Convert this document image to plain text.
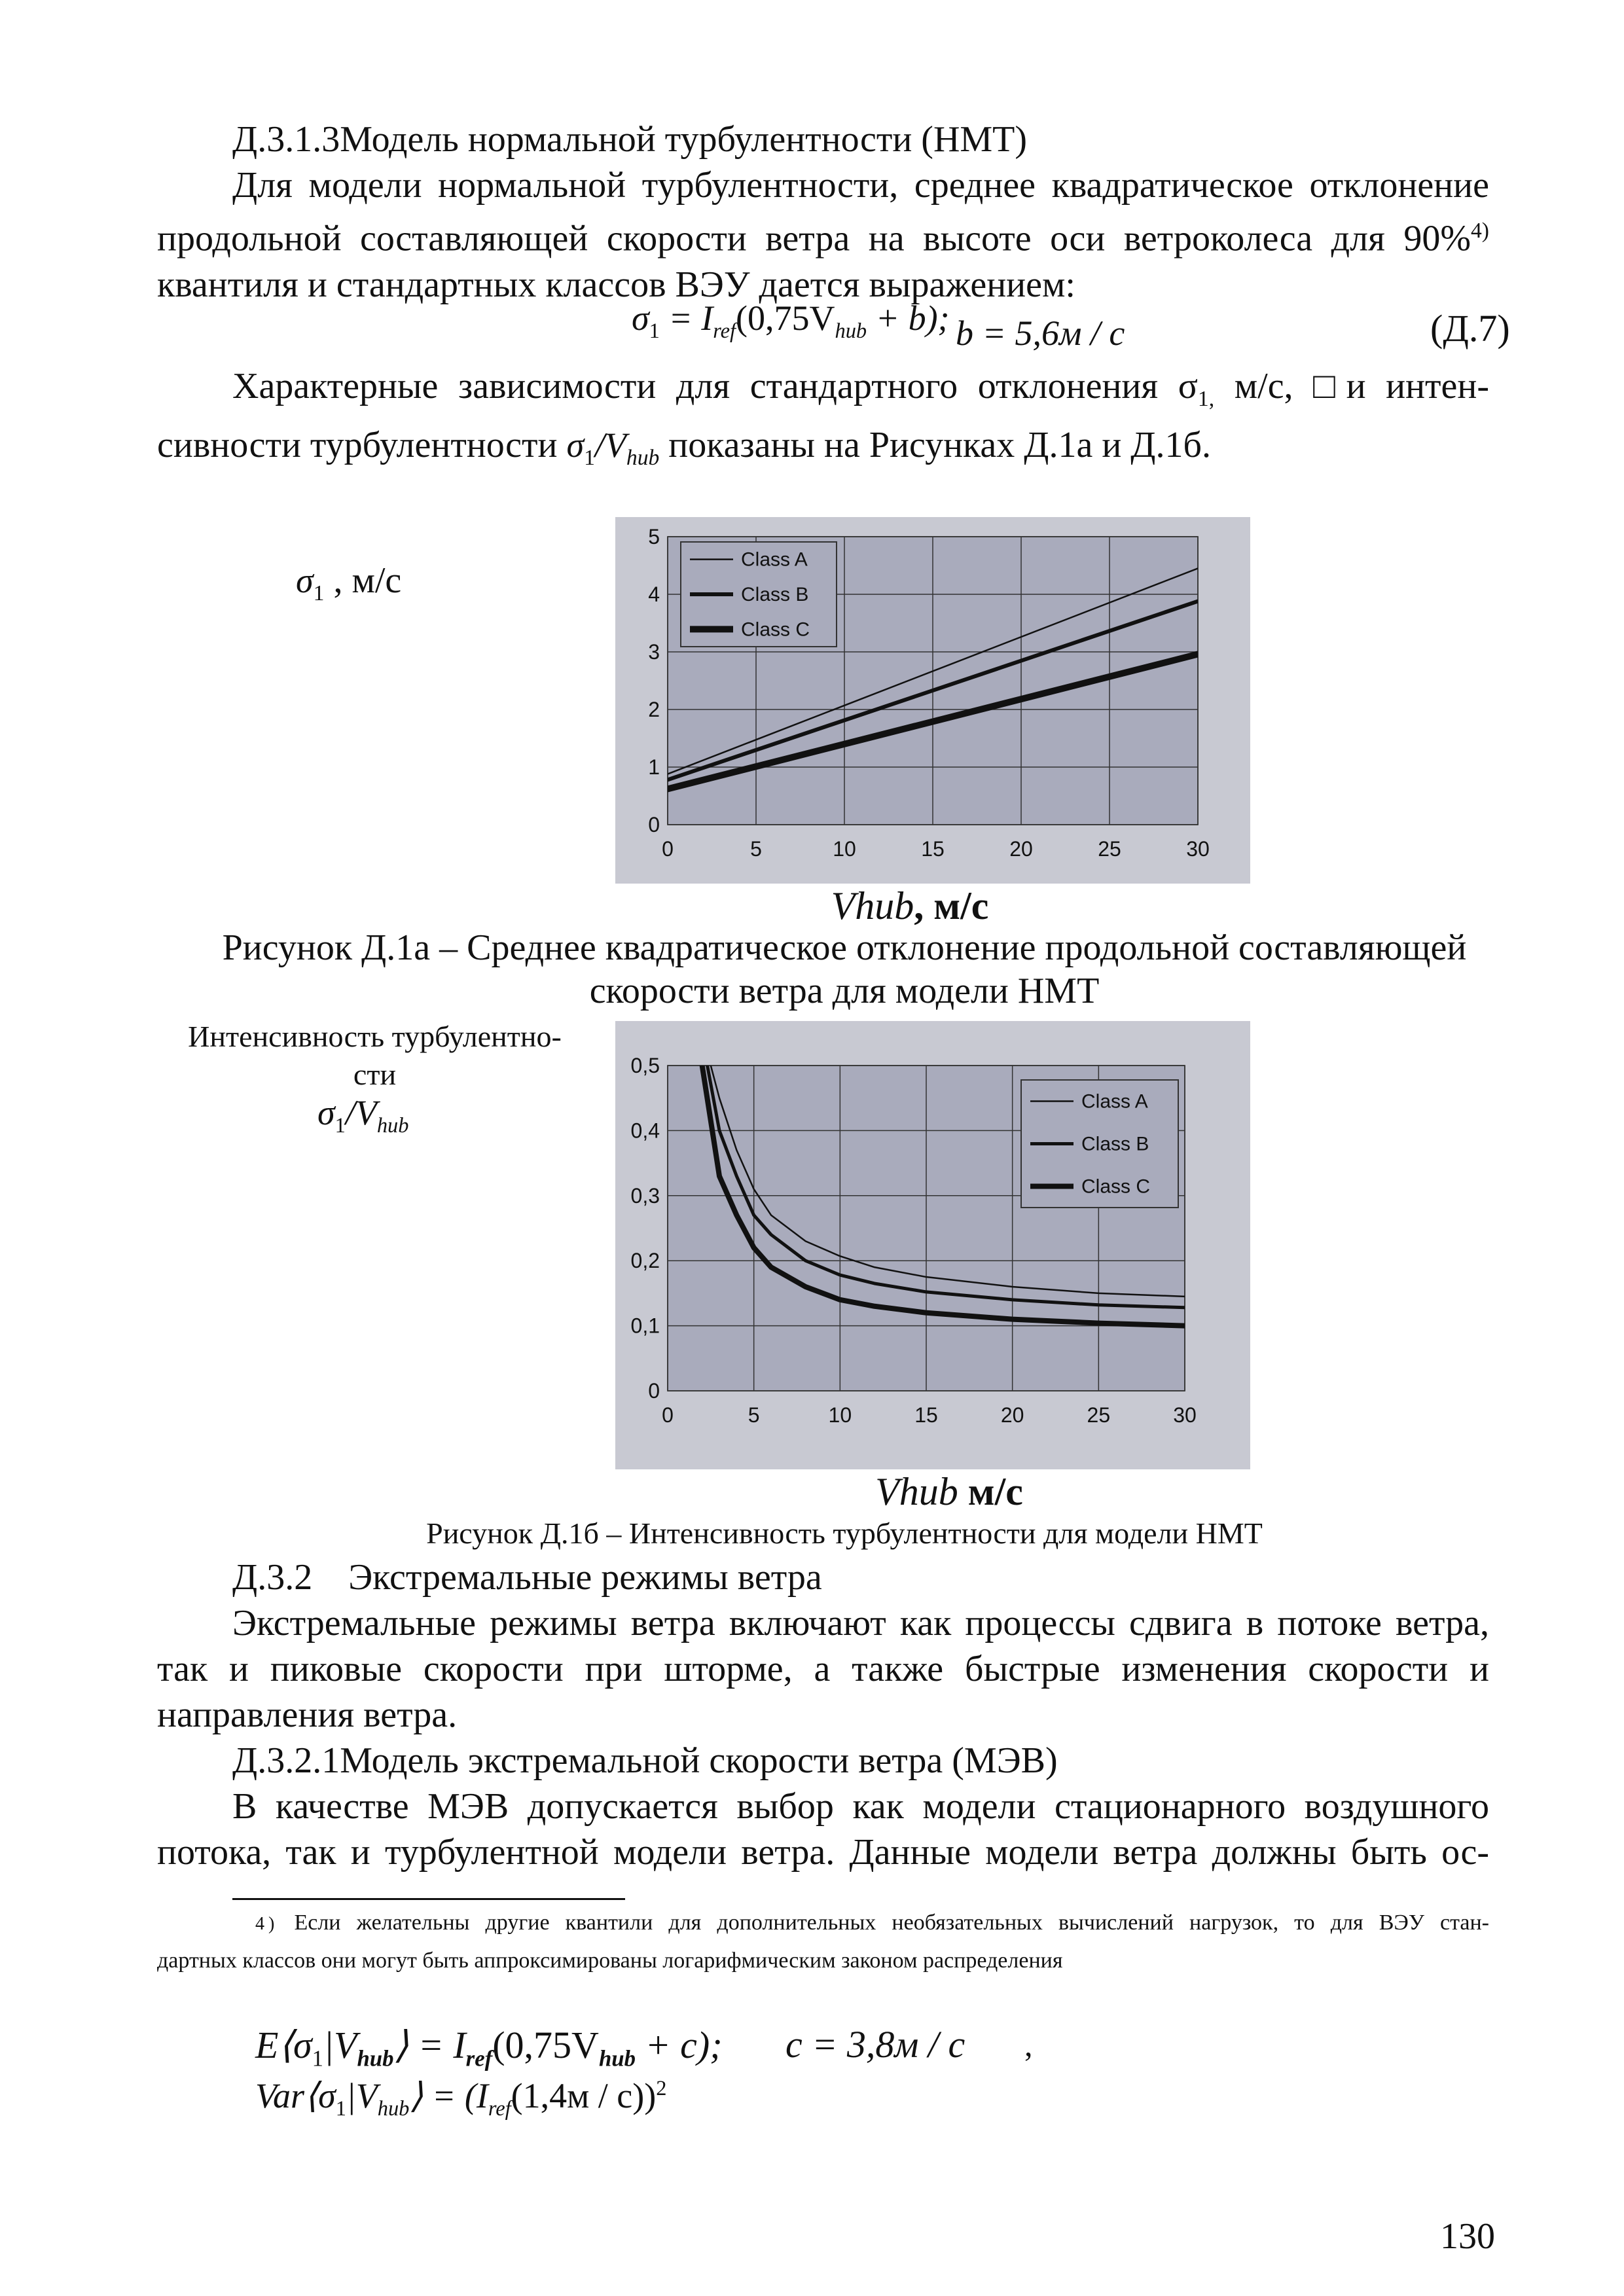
Д.3.1.3Модель нормальной турбулентности (НМТ)
Для модели нормальной турбулентности, среднее квадратическое отклонение
продольной составляющей скорости ветра на высоте оси ветроколеса для 90%$^{4)}$
квантиля и стандартных классов ВЭУ дается выражением:
$\sigma_1 = I_{ref}(0,75V_{hub} + b)$; b = 5,6м / с	(Д.7)
Характерные зависимости для стандартного отклонения $\sigma_{1,}$ м/с, □и интен-
сивности турбулентности $\sigma_1/V_{hub}$ показаны на Рисунках Д.1а и Д.1б.
$\sigma_1$ , м/с
0	5	10	15	20	25	30
0
1
2
3
4
5
Class A
Class B
Class C
Vhub, м/с
Рисунок Д.1а – Среднее квадратическое отклонение продольной составляющей
скорости ветра для модели НМТ
Интенсивность турбулентно-
сти
$\sigma_1/V_{hub}$
0	5	10	15	20	25	30
0
0,1
0,2
0,3
0,4
0,5
Class A
Class B
Class C
Vhub м/с
Рисунок Д.1б – Интенсивность турбулентности для модели НМТ
Д.3.2 Экстремальные режимы ветра
Экстремальные режимы ветра включают как процессы сдвига в потоке ветра,
так и пиковые скорости при шторме, а также быстрые изменения скорости и
направления ветра.
Д.3.2.1Модель экстремальной скорости ветра (МЭВ)
В качестве МЭВ допускается выбор как модели стационарного воздушного
потока, так и турбулентной модели ветра. Данные модели ветра должны быть ос-
4) Если желательны другие квантили для дополнительных необязательных вычислений нагрузок, то для ВЭУ стан-
дартных классов они могут быть аппроксимированы логарифмическим законом распределения
$E⟨\sigma_1|V_{hub}⟩ = I_{ref}(0,75V_{hub} + c)$; c = 3,8м / с ,
$Var⟨\sigma_1|V_{hub}⟩ = (I_{ref}(1,4м / с))^2$
130
